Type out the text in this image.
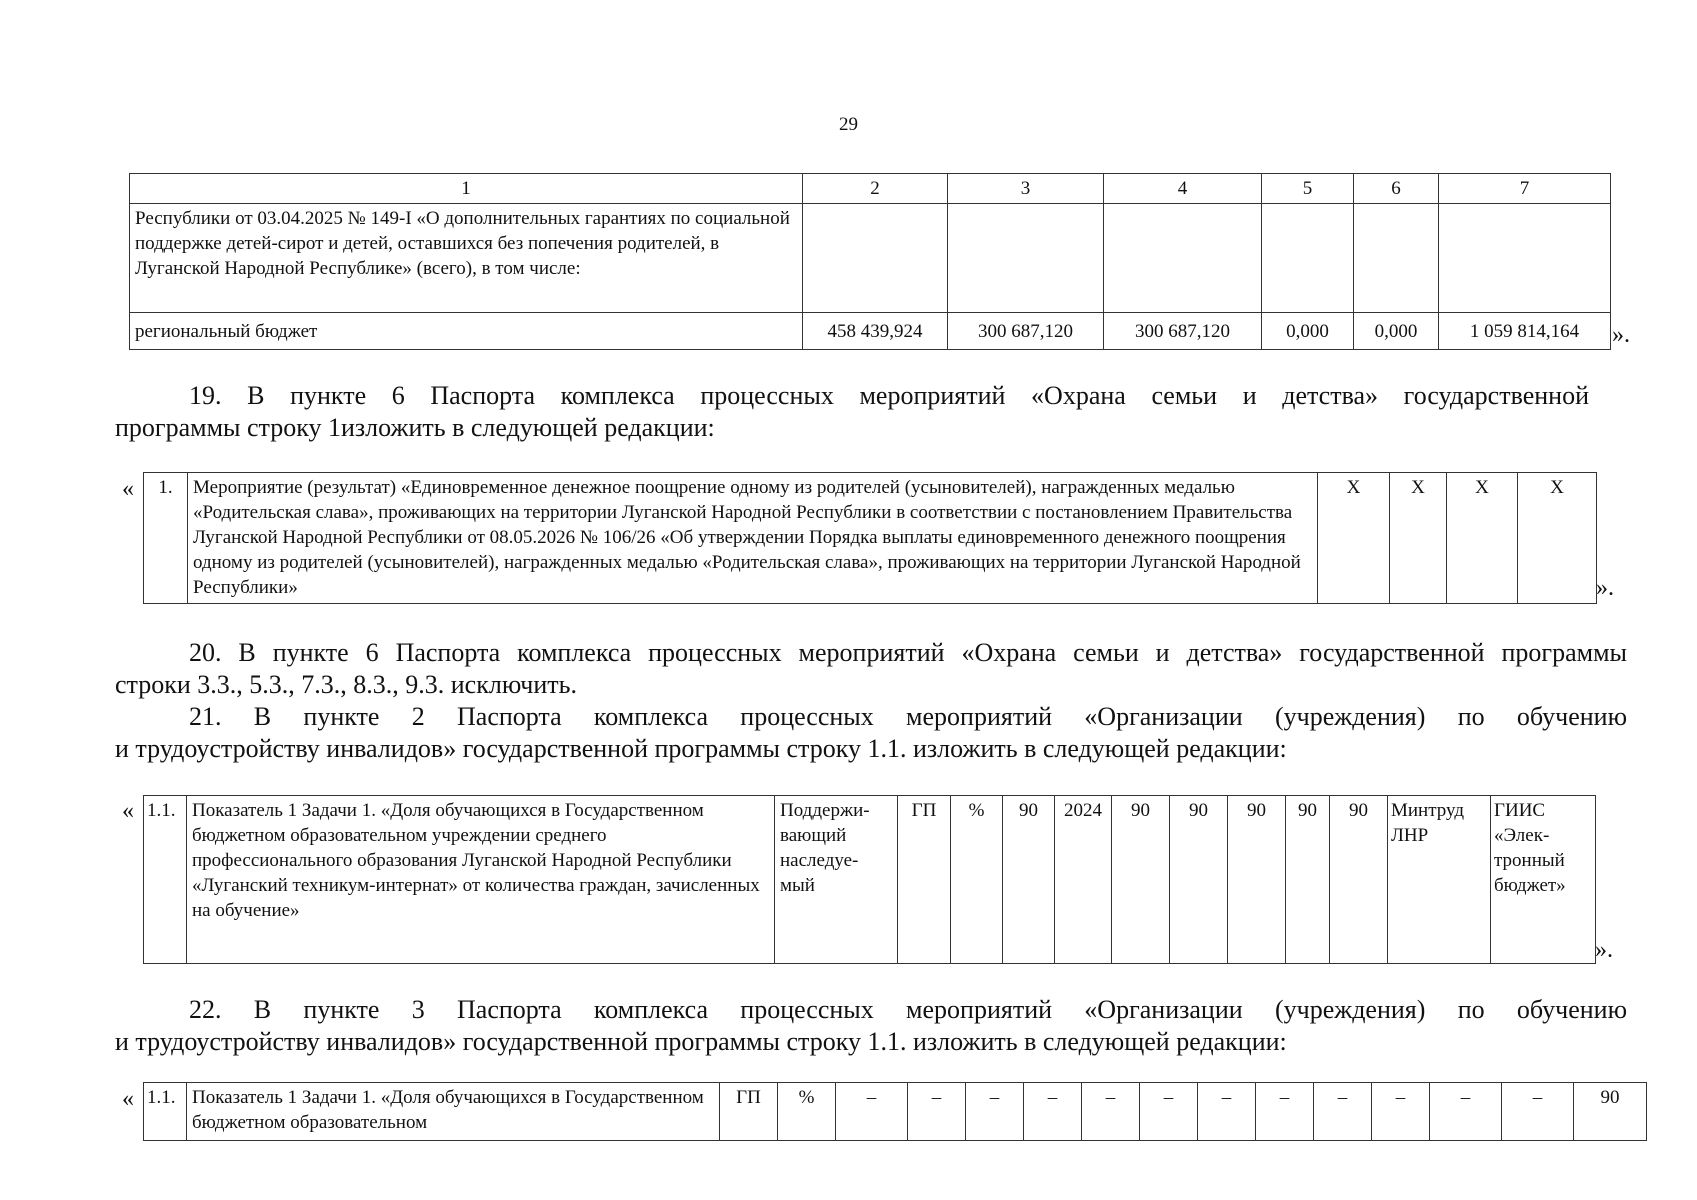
29
1	2	3	4	5	6	7
Республики от 03.04.2025 № 149-I «О дополнительных гарантиях по социальной поддержке детей-сирот и детей, оставшихся без попечения родителей, в Луганской Народной Республике» (всего), в том числе:						
региональный бюджет	458 439,924	300 687,120	300 687,120	0,000	0,000	1 059 814,164 ».
19. В пункте 6 Паспорта комплекса процессных мероприятий «Охрана семьи и детства» государственной
программы строку 1изложить в следующей редакции:
« 1.	Мероприятие (результат) «Единовременное денежное поощрение одному из родителей (усыновителей), награжденных медалью «Родительская слава», проживающих на территории Луганской Народной Республики в соответствии с постановлением Правительства Луганской Народной Республики от 08.05.2026 № 106/26 «Об утверждении Порядка выплаты единовременного денежного поощрения одному из родителей (усыновителей), награжденных медалью «Родительская слава», проживающих на территории Луганской Народной Республики»	Х	Х	Х	Х
».
20. В пункте 6 Паспорта комплекса процессных мероприятий «Охрана семьи и детства» государственной программы
строки 3.3., 5.3., 7.3., 8.3., 9.3. исключить.
21. В пункте 2 Паспорта комплекса процессных мероприятий «Организации (учреждения) по обучению
и трудоустройству инвалидов» государственной программы строку 1.1. изложить в следующей редакции:
« 1.1.	Показатель 1 Задачи 1. «Доля обучающихся в Государственном бюджетном образовательном учреждении среднего профессионального образования Луганской Народной Республики «Луганский техникум-интернат» от количества граждан, зачисленных на обучение»	Поддержи-вающий наследуе-мый	ГП	%	90	2024	90	90	90	90	90	Минтруд ЛНР	ГИИС «Элек-тронный бюджет»
».
22. В пункте 3 Паспорта комплекса процессных мероприятий «Организации (учреждения) по обучению
и трудоустройству инвалидов» государственной программы строку 1.1. изложить в следующей редакции:
« 1.1.	Показатель 1 Задачи 1. «Доля обучающихся в Государственном бюджетном образовательном	ГП	%	–	–	–	–	–	–	–	–	–	–	–	–	90
